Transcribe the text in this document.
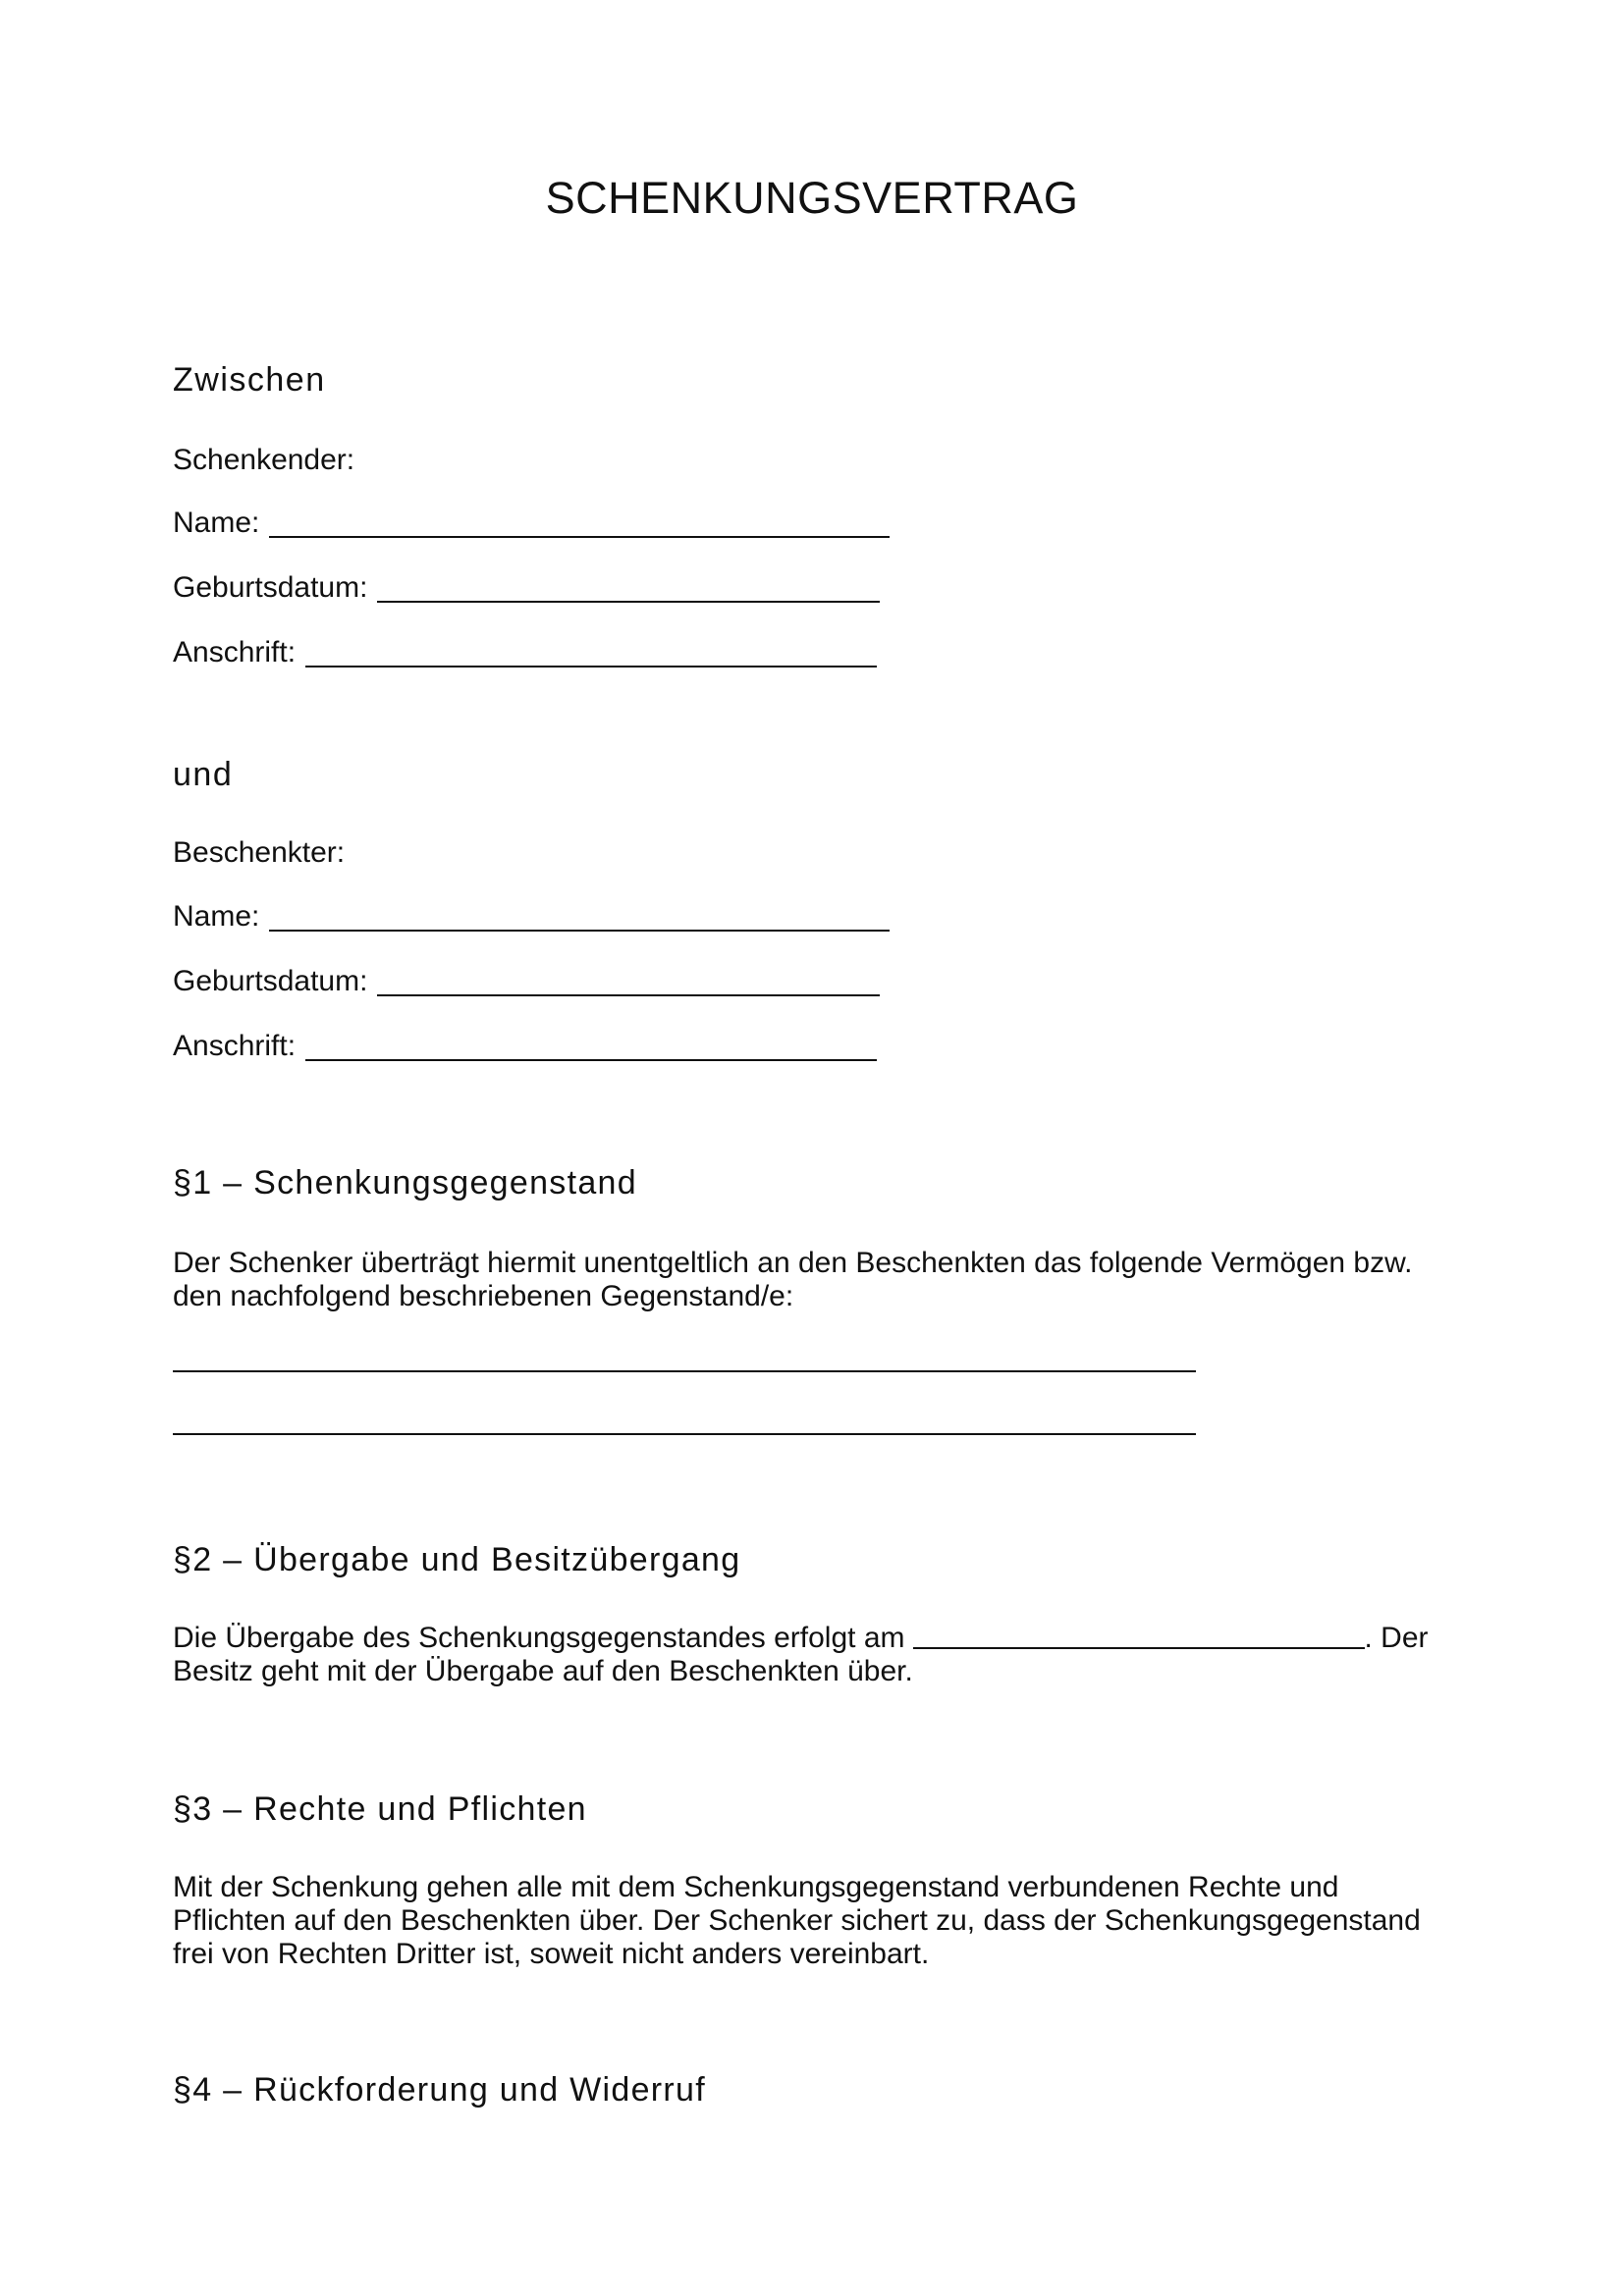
SCHENKUNGSVERTRAG
Zwischen
Schenkender:
Name:
Geburtsdatum:
Anschrift:
und
Beschenkter:
Name:
Geburtsdatum:
Anschrift:
§1 – Schenkungsgegenstand
Der Schenker überträgt hiermit unentgeltlich an den Beschenkten das folgende Vermögen bzw.
den nachfolgend beschriebenen Gegenstand/e:
§2 – Übergabe und Besitzübergang
Die Übergabe des Schenkungsgegenstandes erfolgt am	. Der
Besitz geht mit der Übergabe auf den Beschenkten über.
§3 – Rechte und Pflichten
Mit der Schenkung gehen alle mit dem Schenkungsgegenstand verbundenen Rechte und
Pflichten auf den Beschenkten über. Der Schenker sichert zu, dass der Schenkungsgegenstand
frei von Rechten Dritter ist, soweit nicht anders vereinbart.
§4 – Rückforderung und Widerruf
